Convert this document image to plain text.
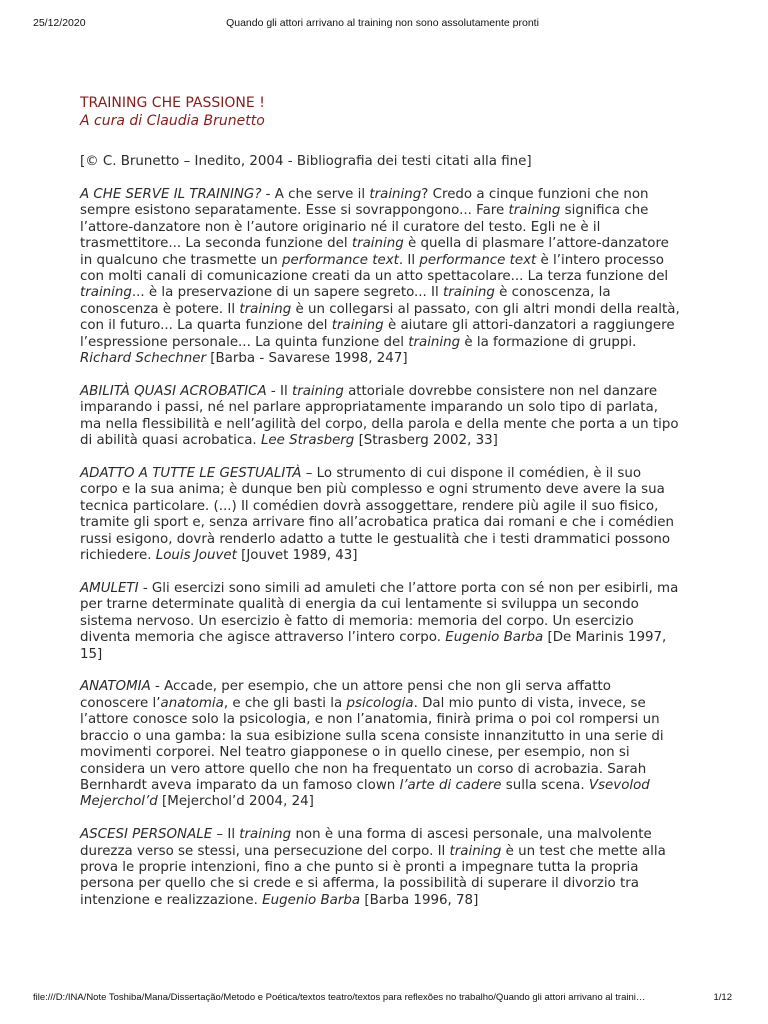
25/12/2020	Quando gli attori arrivano al training non sono assolutamente pronti
TRAINING CHE PASSIONE !
A cura di Claudia Brunetto
[© C. Brunetto – Inedito, 2004 - Bibliografia dei testi citati alla fine]

A CHE SERVE IL TRAINING? - A che serve il training? Credo a cinque funzioni che non sempre esistono separatamente. Esse si sovrappongono... Fare training significa che l’attore-danzatore non è l’autore originario né il curatore del testo. Egli ne è il trasmettitore... La seconda funzione del training è quella di plasmare l’attore-danzatore in qualcuno che trasmette un performance text. Il performance text è l’intero processo con molti canali di comunicazione creati da un atto spettacolare... La terza funzione del training... è la preservazione di un sapere segreto... Il training è conoscenza, la conoscenza è potere. Il training è un collegarsi al passato, con gli altri mondi della realtà, con il futuro... La quarta funzione del training è aiutare gli attori-danzatori a raggiungere l’espressione personale... La quinta funzione del training è la formazione di gruppi. Richard Schechner [Barba - Savarese 1998, 247]

ABILITÀ QUASI ACROBATICA - Il training attoriale dovrebbe consistere non nel danzare imparando i passi, né nel parlare appropriatamente imparando un solo tipo di parlata, ma nella flessibilità e nell’agilità del corpo, della parola e della mente che porta a un tipo di abilità quasi acrobatica. Lee Strasberg [Strasberg 2002, 33]

ADATTO A TUTTE LE GESTUALITÀ – Lo strumento di cui dispone il comédien, è il suo corpo e la sua anima; è dunque ben più complesso e ogni strumento deve avere la sua tecnica particolare. (...) Il comédien dovrà assoggettare, rendere più agile il suo fisico, tramite gli sport e, senza arrivare fino all’acrobatica pratica dai romani e che i comédien russi esigono, dovrà renderlo adatto a tutte le gestualità che i testi drammatici possono richiedere. Louis Jouvet [Jouvet 1989, 43]

AMULETI - Gli esercizi sono simili ad amuleti che l’attore porta con sé non per esibirli, ma per trarne determinate qualità di energia da cui lentamente si sviluppa un secondo sistema nervoso. Un esercizio è fatto di memoria: memoria del corpo. Un esercizio diventa memoria che agisce attraverso l’intero corpo. Eugenio Barba [De Marinis 1997, 15]

ANATOMIA - Accade, per esempio, che un attore pensi che non gli serva affatto conoscere l’anatomia, e che gli basti la psicologia. Dal mio punto di vista, invece, se l’attore conosce solo la psicologia, e non l’anatomia, finirà prima o poi col rompersi un braccio o una gamba: la sua esibizione sulla scena consiste innanzitutto in una serie di movimenti corporei. Nel teatro giapponese o in quello cinese, per esempio, non si considera un vero attore quello che non ha frequentato un corso di acrobazia. Sarah Bernhardt aveva imparato da un famoso clown l’arte di cadere sulla scena. Vsevolod Mejerchol’d [Mejerchol’d 2004, 24]

ASCESI PERSONALE – Il training non è una forma di ascesi personale, una malvolente durezza verso se stessi, una persecuzione del corpo. Il training è un test che mette alla prova le proprie intenzioni, fino a che punto si è pronti a impegnare tutta la propria persona per quello che si crede e si afferma, la possibilità di superare il divorzio tra intenzione e realizzazione. Eugenio Barba [Barba 1996, 78]

file:///D:/INA/Note Toshiba/Mana/Dissertação/Metodo e Poética/textos teatro/textos para reflexões no trabalho/Quando gli attori arrivano al traini…	1/12
